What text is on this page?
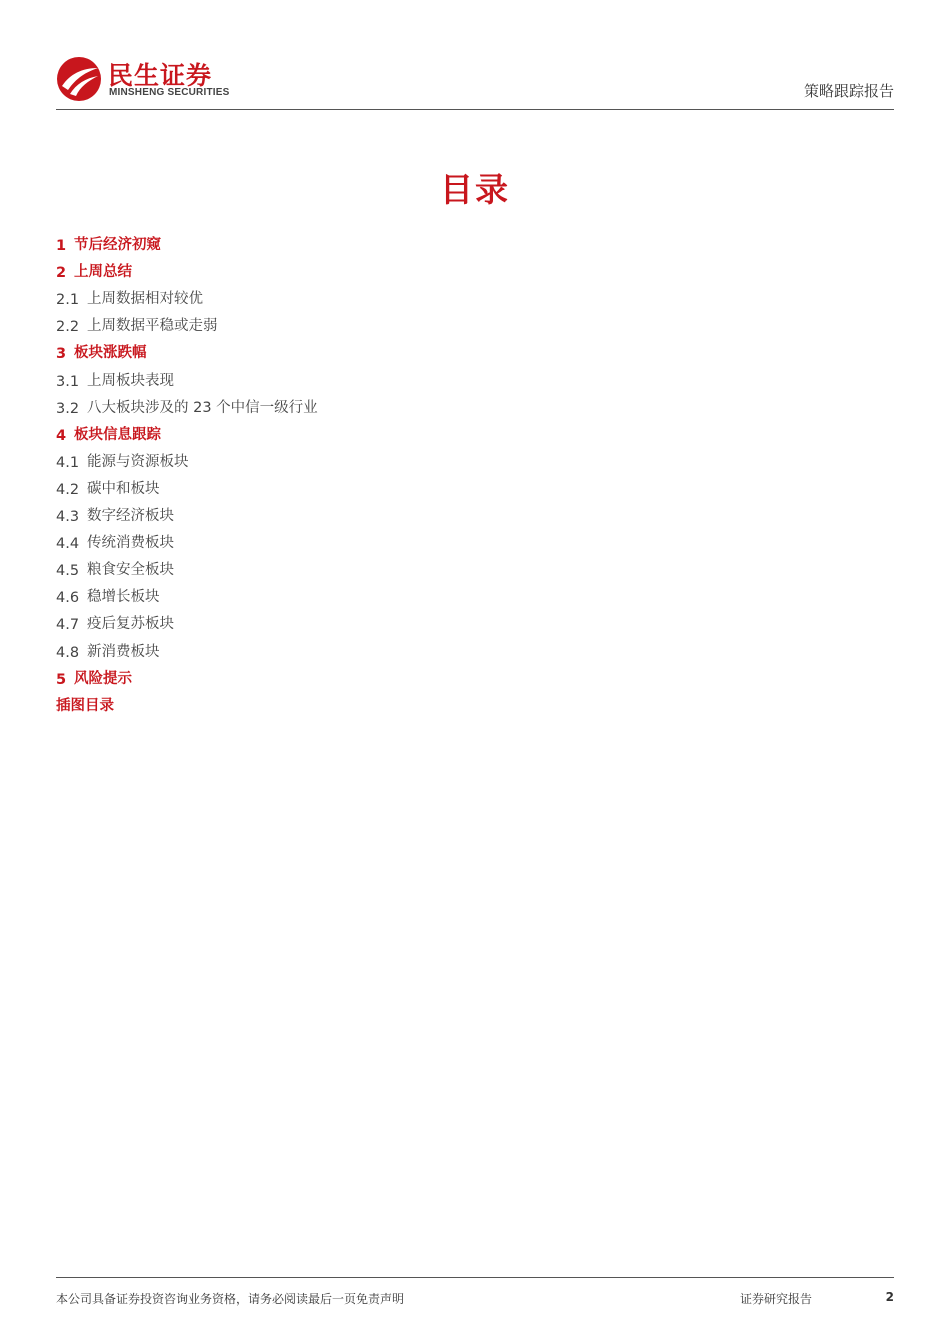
民生证券
MINSHENG SECURITIES	策略跟踪报告
目录
1 节后经济初窥
2 上周总结
2.1 上周数据相对较优
2.2 上周数据平稳或走弱
3 板块涨跌幅
3.1 上周板块表现
3.2 八大板块涉及的 23 个中信一级行业
4 板块信息跟踪
4.1 能源与资源板块
4.2 碳中和板块
4.3 数字经济板块
4.4 传统消费板块
4.5 粮食安全板块
4.6 稳增长板块
4.7 疫后复苏板块
4.8 新消费板块
5 风险提示
插图目录
本公司具备证券投资咨询业务资格，请务必阅读最后一页免责声明	证券研究报告	2
